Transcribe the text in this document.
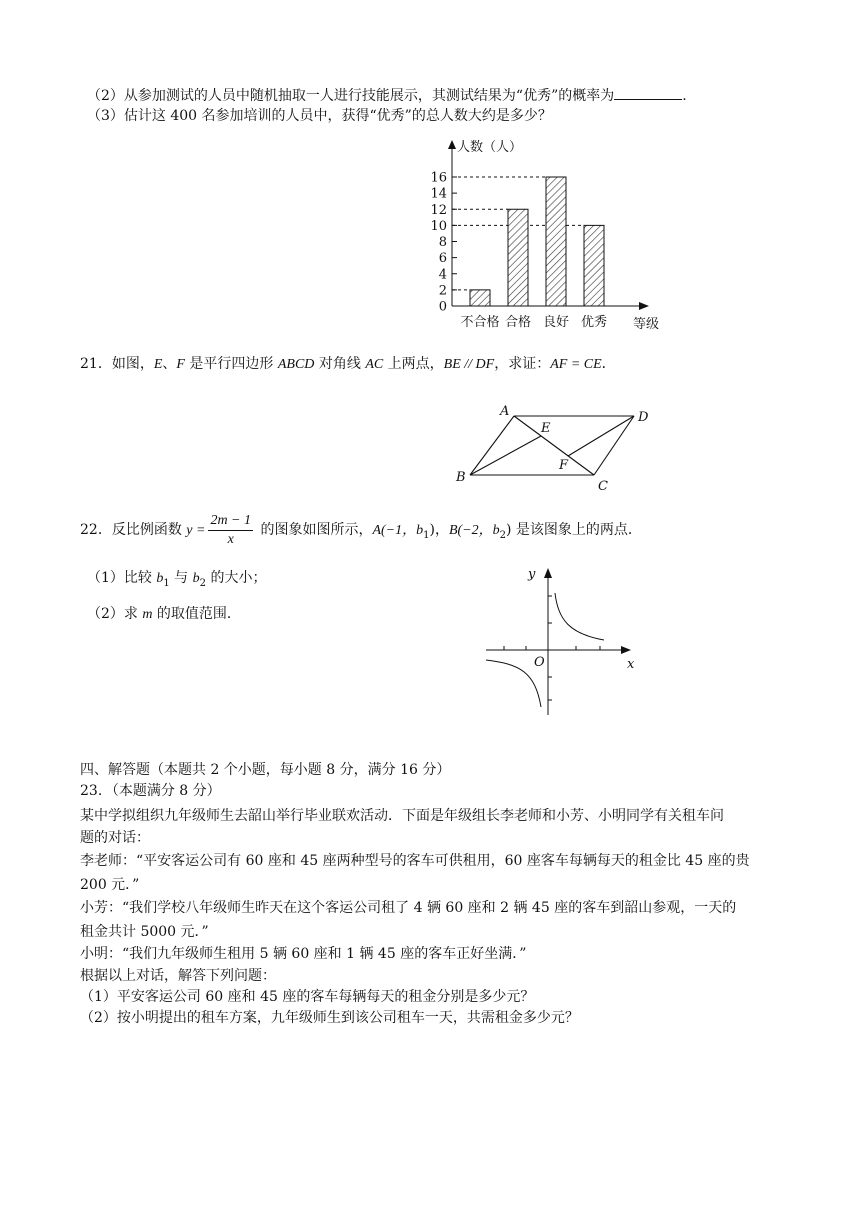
（2）从参加测试的人员中随机抽取一人进行技能展示，其测试结果为“优秀”的概率为	.
（3）估计这 400 名参加培训的人员中，获得“优秀”的总人数大约是多少？
0
2
4
6
8
10
12
14
16
不合格 合格 良好 优秀
人数（人）
等级
21．如图，E、F 是平行四边形 ABCD 对角线 AC 上两点，BE // DF，求证：AF = CE．
A	D
E
F
B
C
22．反比例函数 $y = \frac{2m - 1}{x}$ 的图象如图所示，A(−1，$b_1$)，B(−2，$b_2$) 是该图象上的两点．
（1）比较 $b_1$ 与 $b_2$ 的大小；
（2）求 m 的取值范围．
y
x
O
四、解答题（本题共 2 个小题，每小题 8 分，满分 16 分）
23．（本题满分 8 分）
某中学拟组织九年级师生去韶山举行毕业联欢活动．下面是年级组长李老师和小芳、小明同学有关租车问
题的对话：
李老师：“平安客运公司有 60 座和 45 座两种型号的客车可供租用，60 座客车每辆每天的租金比 45 座的贵
200 元．”
小芳：“我们学校八年级师生昨天在这个客运公司租了 4 辆 60 座和 2 辆 45 座的客车到韶山参观，一天的
租金共计 5000 元．”
小明：“我们九年级师生租用 5 辆 60 座和 1 辆 45 座的客车正好坐满．”
根据以上对话，解答下列问题：
（1）平安客运公司 60 座和 45 座的客车每辆每天的租金分别是多少元？
（2）按小明提出的租车方案，九年级师生到该公司租车一天，共需租金多少元？
